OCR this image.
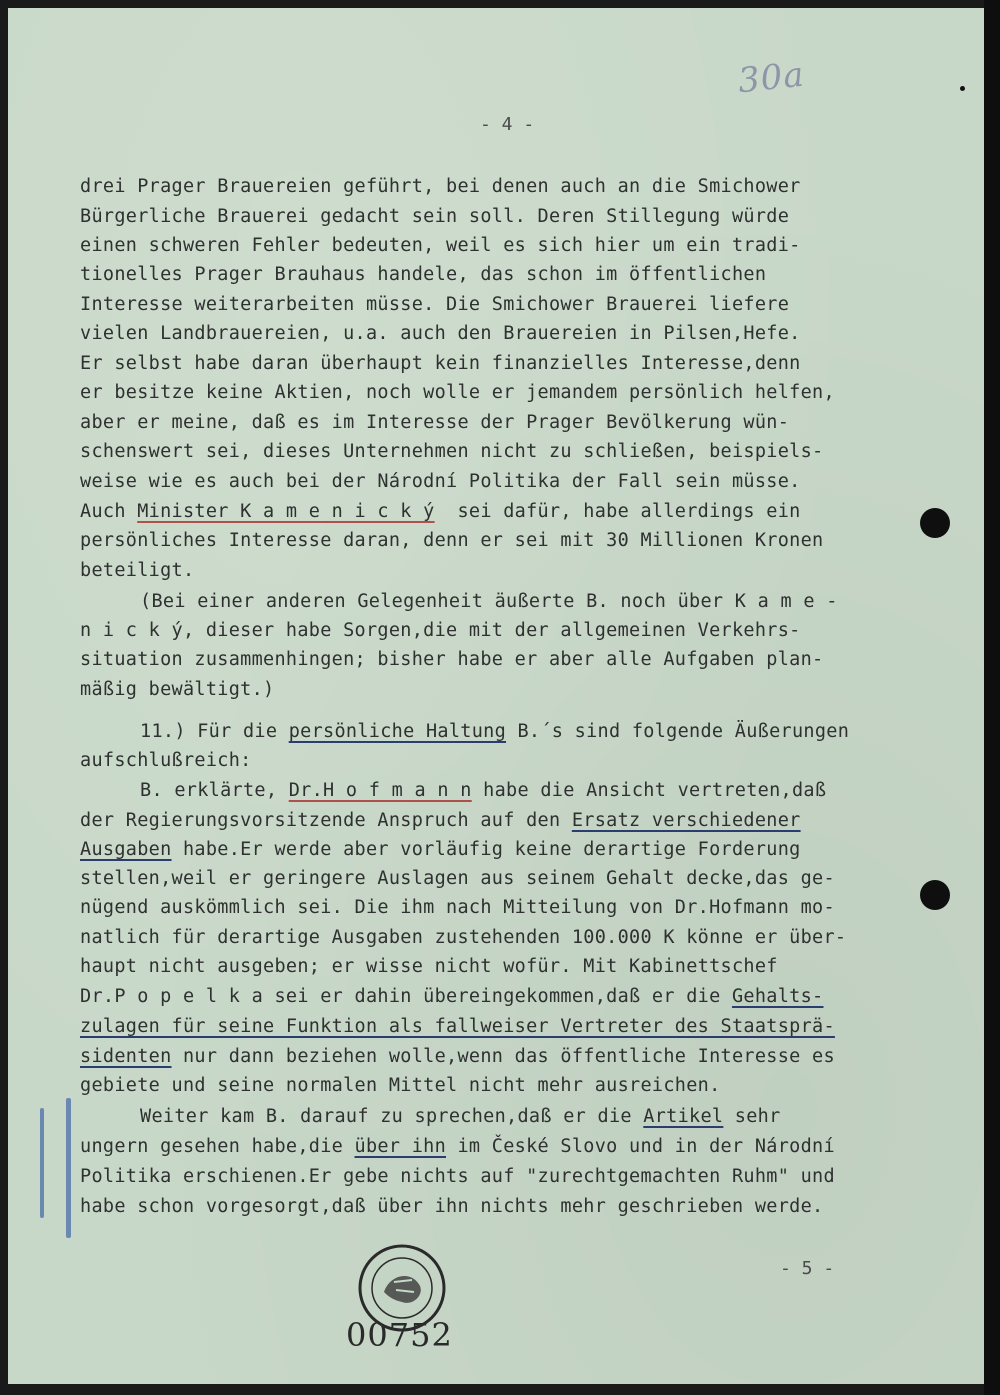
30a
- 4 -
drei Prager Brauereien geführt, bei denen auch an die Smichower
Bürgerliche Brauerei gedacht sein soll. Deren Stillegung würde
einen schweren Fehler bedeuten, weil es sich hier um ein tradi-
tionelles Prager Brauhaus handele, das schon im öffentlichen
Interesse weiterarbeiten müsse. Die Smichower Brauerei liefere
vielen Landbrauereien, u.a. auch den Brauereien in Pilsen,Hefe.
Er selbst habe daran überhaupt kein finanzielles Interesse,denn
er besitze keine Aktien, noch wolle er jemandem persönlich helfen,
aber er meine, daß es im Interesse der Prager Bevölkerung wün-
schenswert sei, dieses Unternehmen nicht zu schließen, beispiels-
weise wie es auch bei der Národní Politika der Fall sein müsse.
Auch Minister K a m e n i c k ý  sei dafür, habe allerdings ein
persönliches Interesse daran, denn er sei mit 30 Millionen Kronen
beteiligt.
(Bei einer anderen Gelegenheit äußerte B. noch über K a m e -
n i c k ý, dieser habe Sorgen,die mit der allgemeinen Verkehrs-
situation zusammenhingen; bisher habe er aber alle Aufgaben plan-
mäßig bewältigt.)
11.) Für die persönliche Haltung B.´s sind folgende Äußerungen
aufschlußreich:
B. erklärte, Dr.H o f m a n n habe die Ansicht vertreten,daß
der Regierungsvorsitzende Anspruch auf den Ersatz verschiedener
Ausgaben habe.Er werde aber vorläufig keine derartige Forderung
stellen,weil er geringere Auslagen aus seinem Gehalt decke,das ge-
nügend auskömmlich sei. Die ihm nach Mitteilung von Dr.Hofmann mo-
natlich für derartige Ausgaben zustehenden 100.000 K könne er über-
haupt nicht ausgeben; er wisse nicht wofür. Mit Kabinettschef
Dr.P o p e l k a sei er dahin übereingekommen,daß er die Gehalts-
zulagen für seine Funktion als fallweiser Vertreter des Staatsprä-
sidenten nur dann beziehen wolle,wenn das öffentliche Interesse es
gebiete und seine normalen Mittel nicht mehr ausreichen.
Weiter kam B. darauf zu sprechen,daß er die Artikel sehr
ungern gesehen habe,die über ihn im České Slovo und in der Národní
Politika erschienen.Er gebe nichts auf "zurechtgemachten Ruhm" und
habe schon vorgesorgt,daß über ihn nichts mehr geschrieben werde.
- 5 -
00752
